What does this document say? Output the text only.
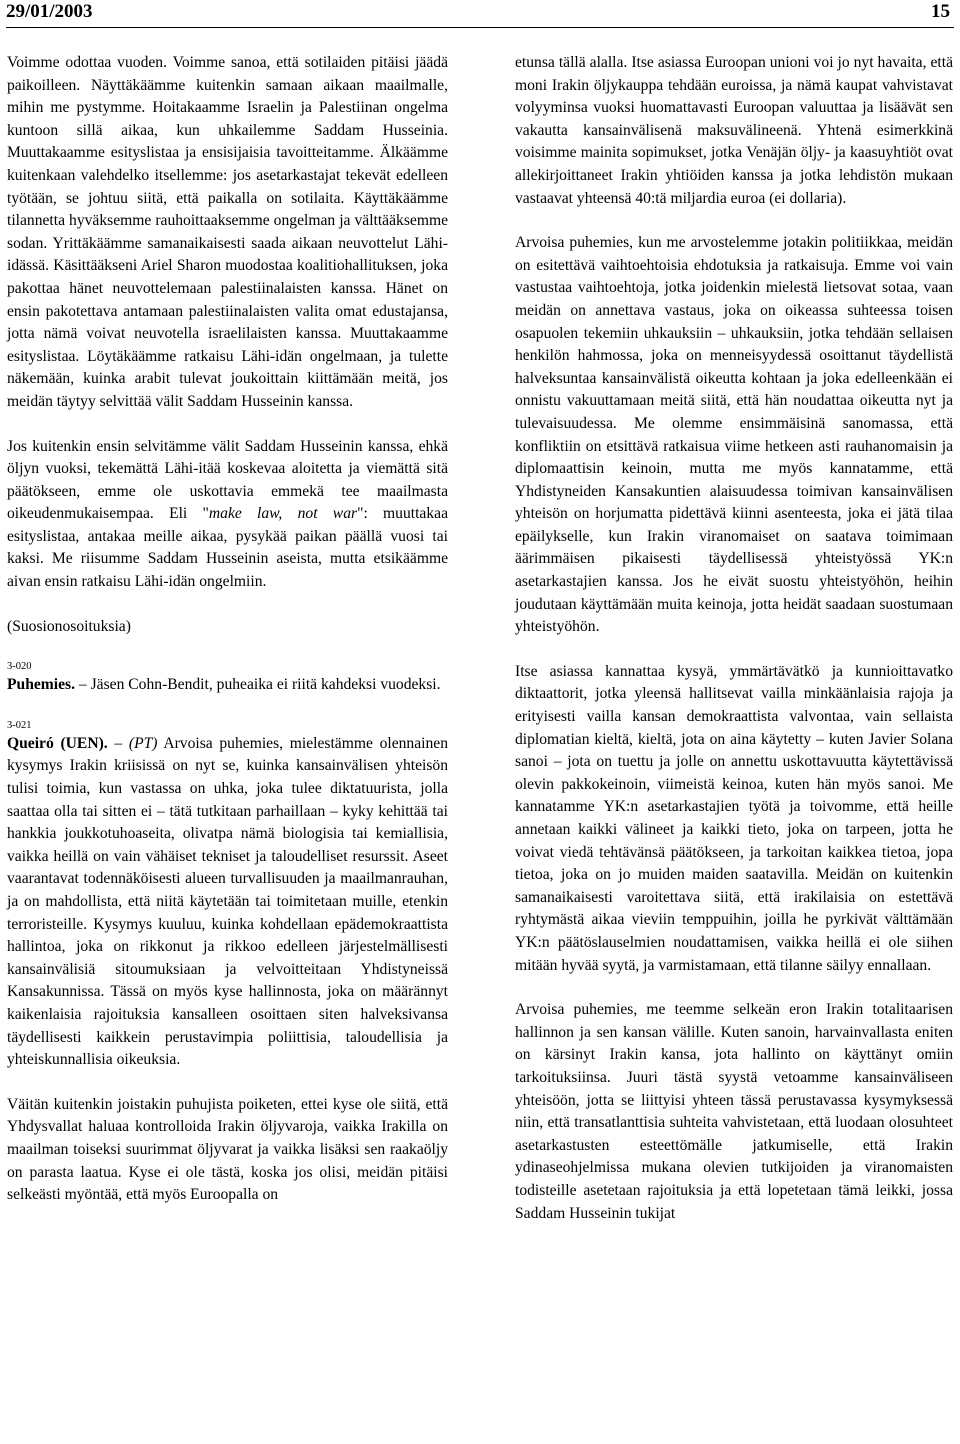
29/01/2003	15

Voimme odottaa vuoden. Voimme sanoa, että sotilaiden pitäisi jäädä paikoilleen. Näyttäkäämme kuitenkin samaan aikaan maailmalle, mihin me pystymme. Hoitakaamme Israelin ja Palestiinan ongelma kuntoon sillä aikaa, kun uhkailemme Saddam Husseinia. Muuttakaamme esityslistaa ja ensisijaisia tavoitteitamme. Älkäämme kuitenkaan valehdelko itsellemme: jos asetarkastajat tekevät edelleen työtään, se johtuu siitä, että paikalla on sotilaita. Käyttäkäämme tilannetta hyväksemme rauhoittaaksemme ongelman ja välttääksemme sodan. Yrittäkäämme samanaikaisesti saada aikaan neuvottelut Lähi-idässä. Käsittääkseni Ariel Sharon muodostaa koalitiohallituksen, joka pakottaa hänet neuvottelemaan palestiinalaisten kanssa. Hänet on ensin pakotettava antamaan palestiinalaisten valita omat edustajansa, jotta nämä voivat neuvotella israelilaisten kanssa. Muuttakaamme esityslistaa. Löytäkäämme ratkaisu Lähi-idän ongelmaan, ja tulette näkemään, kuinka arabit tulevat joukoittain kiittämään meitä, jos meidän täytyy selvittää välit Saddam Husseinin kanssa.

Jos kuitenkin ensin selvitämme välit Saddam Husseinin kanssa, ehkä öljyn vuoksi, tekemättä Lähi-itää koskevaa aloitetta ja viemättä sitä päätökseen, emme ole uskottavia emmekä tee maailmasta oikeudenmukaisempaa. Eli "make law, not war": muuttakaa esityslistaa, antakaa meille aikaa, pysykää paikan päällä vuosi tai kaksi. Me riisumme Saddam Husseinin aseista, mutta etsikäämme aivan ensin ratkaisu Lähi-idän ongelmiin.

(Suosionosoituksia)

3-020

Puhemies. – Jäsen Cohn-Bendit, puheaika ei riitä kahdeksi vuodeksi.

3-021

Queiró (UEN). – (PT) Arvoisa puhemies, mielestämme olennainen kysymys Irakin kriisissä on nyt se, kuinka kansainvälisen yhteisön tulisi toimia, kun vastassa on uhka, joka tulee diktatuurista, jolla saattaa olla tai sitten ei – tätä tutkitaan parhaillaan – kyky kehittää tai hankkia joukkotuhoaseita, olivatpa nämä biologisia tai kemiallisia, vaikka heillä on vain vähäiset tekniset ja taloudelliset resurssit. Aseet vaarantavat todennäköisesti alueen turvallisuuden ja maailmanrauhan, ja on mahdollista, että niitä käytetään tai toimitetaan muille, etenkin terroristeille. Kysymys kuuluu, kuinka kohdellaan epädemokraattista hallintoa, joka on rikkonut ja rikkoo edelleen järjestelmällisesti kansainvälisiä sitoumuksiaan ja velvoitteitaan Yhdistyneissä Kansakunnissa. Tässä on myös kyse hallinnosta, joka on määrännyt kaikenlaisia rajoituksia kansalleen osoittaen siten halveksivansa täydellisesti kaikkein perustavimpia poliittisia, taloudellisia ja yhteiskunnallisia oikeuksia.

Väitän kuitenkin joistakin puhujista poiketen, ettei kyse ole siitä, että Yhdysvallat haluaa kontrolloida Irakin öljyvaroja, vaikka Irakilla on maailman toiseksi suurimmat öljyvarat ja vaikka lisäksi sen raakaöljy on parasta laatua. Kyse ei ole tästä, koska jos olisi, meidän pitäisi selkeästi myöntää, että myös Euroopalla on

etunsa tällä alalla. Itse asiassa Euroopan unioni voi jo nyt havaita, että moni Irakin öljykauppa tehdään euroissa, ja nämä kaupat vahvistavat volyyminsa vuoksi huomattavasti Euroopan valuuttaa ja lisäävät sen vakautta kansainvälisenä maksuvälineenä. Yhtenä esimerkkinä voisimme mainita sopimukset, jotka Venäjän öljy- ja kaasuyhtiöt ovat allekirjoittaneet Irakin yhtiöiden kanssa ja jotka lehdistön mukaan vastaavat yhteensä 40:tä miljardia euroa (ei dollaria).

Arvoisa puhemies, kun me arvostelemme jotakin politiikkaa, meidän on esitettävä vaihtoehtoisia ehdotuksia ja ratkaisuja. Emme voi vain vastustaa vaihtoehtoja, jotka joidenkin mielestä lietsovat sotaa, vaan meidän on annettava vastaus, joka on oikeassa suhteessa toisen osapuolen tekemiin uhkauksiin – uhkauksiin, jotka tehdään sellaisen henkilön hahmossa, joka on menneisyydessä osoittanut täydellistä halveksuntaa kansainvälistä oikeutta kohtaan ja joka edelleenkään ei onnistu vakuuttamaan meitä siitä, että hän noudattaa oikeutta nyt ja tulevaisuudessa. Me olemme ensimmäisinä sanomassa, että konfliktiin on etsittävä ratkaisua viime hetkeen asti rauhanomaisin ja diplomaattisin keinoin, mutta me myös kannatamme, että Yhdistyneiden Kansakuntien alaisuudessa toimivan kansainvälisen yhteisön on horjumatta pidettävä kiinni asenteesta, joka ei jätä tilaa epäilykselle, kun Irakin viranomaiset on saatava toimimaan äärimmäisen pikaisesti täydellisessä yhteistyössä YK:n asetarkastajien kanssa. Jos he eivät suostu yhteistyöhön, heihin joudutaan käyttämään muita keinoja, jotta heidät saadaan suostumaan yhteistyöhön.

Itse asiassa kannattaa kysyä, ymmärtävätkö ja kunnioittavatko diktaattorit, jotka yleensä hallitsevat vailla minkäänlaisia rajoja ja erityisesti vailla kansan demokraattista valvontaa, vain sellaista diplomatian kieltä, kieltä, jota on aina käytetty – kuten Javier Solana sanoi – jota on tuettu ja jolle on annettu uskottavuutta käytettävissä olevin pakkokeinoin, viimeistä keinoa, kuten hän myös sanoi. Me kannatamme YK:n asetarkastajien työtä ja toivomme, että heille annetaan kaikki välineet ja kaikki tieto, joka on tarpeen, jotta he voivat viedä tehtävänsä päätökseen, ja tarkoitan kaikkea tietoa, jopa tietoa, joka on jo muiden maiden saatavilla. Meidän on kuitenkin samanaikaisesti varoitettava siitä, että irakilaisia on estettävä ryhtymästä aikaa vieviin temppuihin, joilla he pyrkivät välttämään YK:n päätöslauselmien noudattamisen, vaikka heillä ei ole siihen mitään hyvää syytä, ja varmistamaan, että tilanne säilyy ennallaan.

Arvoisa puhemies, me teemme selkeän eron Irakin totalitaarisen hallinnon ja sen kansan välille. Kuten sanoin, harvainvallasta eniten on kärsinyt Irakin kansa, jota hallinto on käyttänyt omiin tarkoituksiinsa. Juuri tästä syystä vetoamme kansainväliseen yhteisöön, jotta se liittyisi yhteen tässä perustavassa kysymyksessä niin, että transatlanttisia suhteita vahvistetaan, että luodaan olosuhteet asetarkastusten esteettömälle jatkumiselle, että Irakin ydinaseohjelmissa mukana olevien tutkijoiden ja viranomaisten todisteille asetetaan rajoituksia ja että lopetetaan tämä leikki, jossa Saddam Husseinin tukijat
